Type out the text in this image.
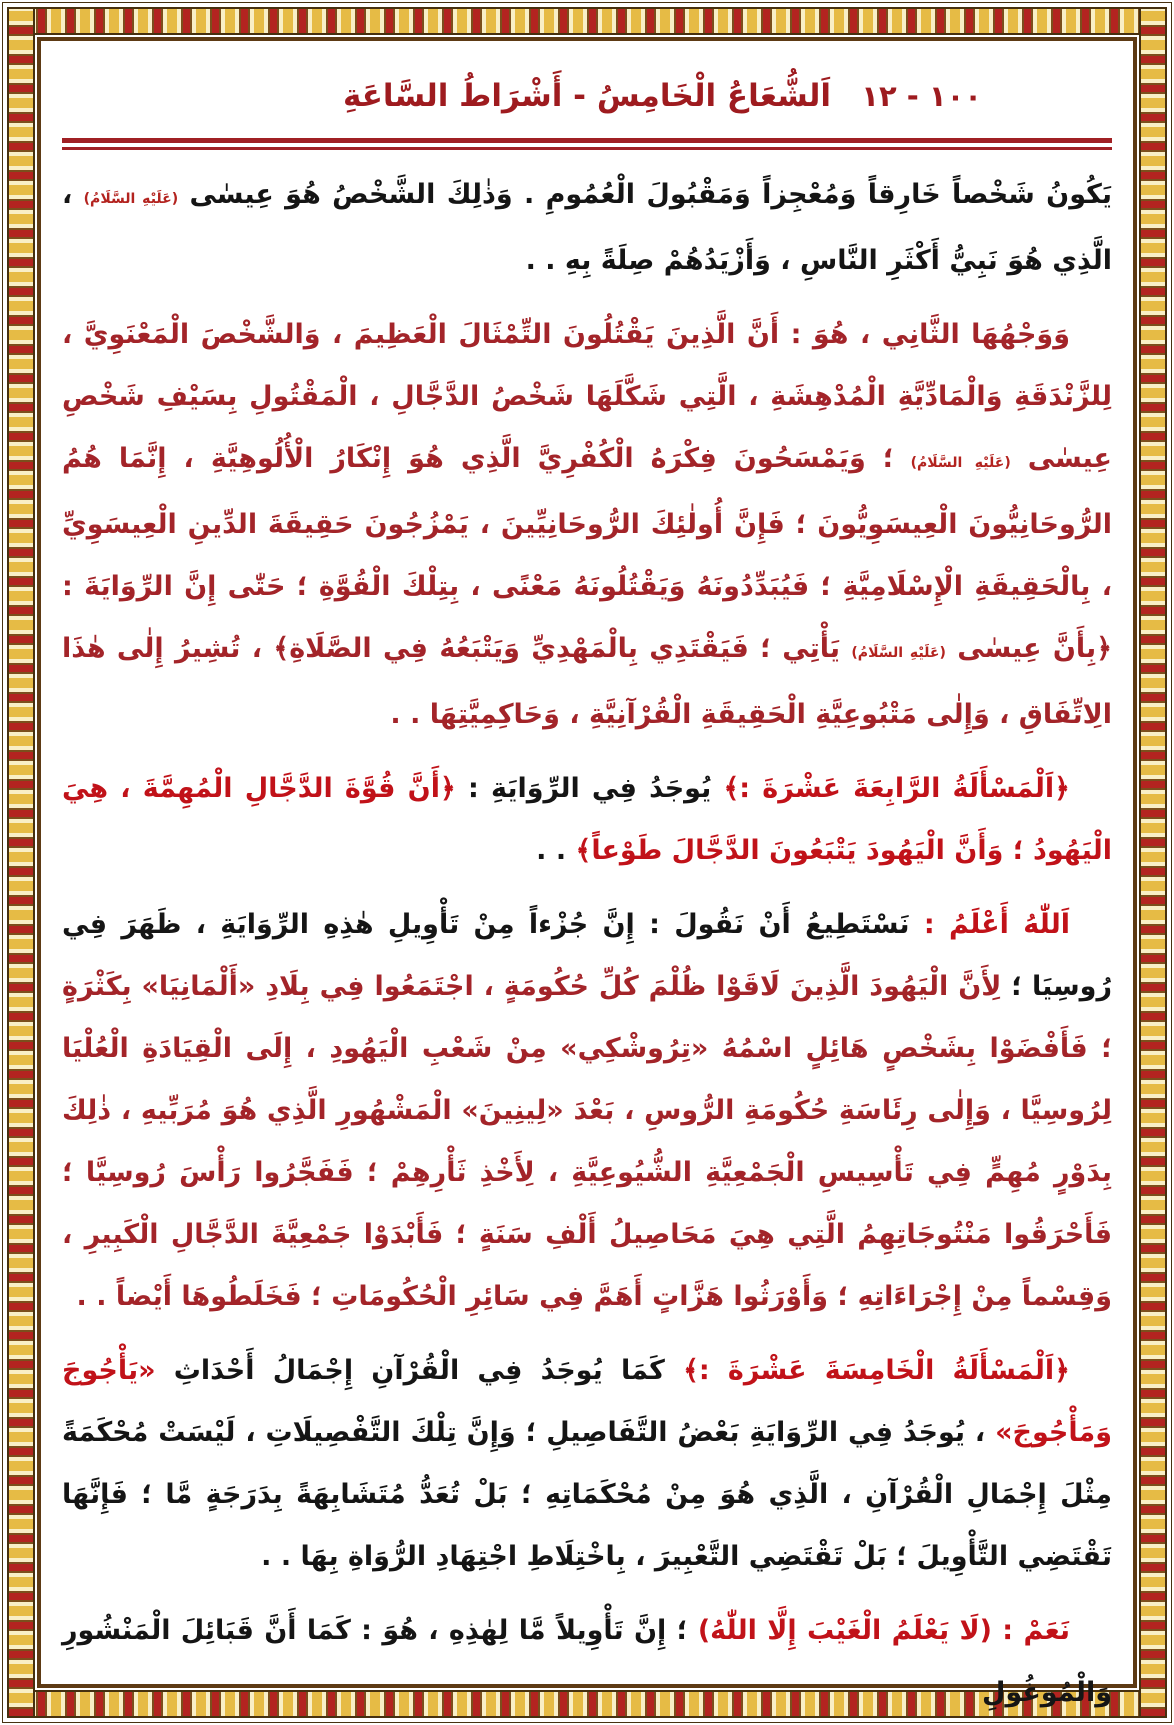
١٠٠ - ١٢
اَلشُّعَاعُ الْخَامِسُ - أَشْرَاطُ السَّاعَةِ

يَكُونُ شَخْصاً خَارِقاً وَمُعْجِزاً وَمَقْبُولَ الْعُمُومِ . وَذٰلِكَ الشَّخْصُ هُوَ عِيسٰى (عَلَيْهِ السَّلَامُ) ، الَّذِي هُوَ نَبِيُّ أَكْثَرِ النَّاسِ ، وَأَزْيَدُهُمْ صِلَةً بِهِ . .

وَوَجْهُهَا الثَّانِي ، هُوَ : أَنَّ الَّذِينَ يَقْتُلُونَ التِّمْثَالَ الْعَظِيمَ ، وَالشَّخْصَ الْمَعْنَوِيَّ ، لِلزَّنْدَقَةِ وَالْمَادِّيَّةِ الْمُدْهِشَةِ ، الَّتِي شَكَّلَهَا شَخْصُ الدَّجَّالِ ، الْمَقْتُولِ بِسَيْفِ شَخْصِ عِيسٰى (عَلَيْهِ السَّلَامُ) ؛ وَيَمْسَحُونَ فِكْرَهُ الْكُفْرِيَّ الَّذِي هُوَ إِنْكَارُ الْأُلُوهِيَّةِ ، إِنَّمَا هُمُ الرُّوحَانِيُّونَ الْعِيسَوِيُّونَ ؛ فَإِنَّ أُولٰئِكَ الرُّوحَانِيِّينَ ، يَمْزُجُونَ حَقِيقَةَ الدِّينِ الْعِيسَوِيِّ ، بِالْحَقِيقَةِ الْإِسْلَامِيَّةِ ؛ فَيُبَدِّدُونَهُ وَيَقْتُلُونَهُ مَعْنًى ، بِتِلْكَ الْقُوَّةِ ؛ حَتّٰى إِنَّ الرِّوَايَةَ : ﴿بِأَنَّ عِيسٰى (عَلَيْهِ السَّلَامُ) يَأْتِي ؛ فَيَقْتَدِي بِالْمَهْدِيِّ وَيَتْبَعُهُ فِي الصَّلَاةِ﴾ ، تُشِيرُ إِلٰى هٰذَا الِاتِّفَاقِ ، وَإِلٰى مَتْبُوعِيَّةِ الْحَقِيقَةِ الْقُرْآنِيَّةِ ، وَحَاكِمِيَّتِهَا . .

﴿اَلْمَسْأَلَةُ الرَّابِعَةَ عَشْرَةَ :﴾ يُوجَدُ فِي الرِّوَايَةِ : ﴿أَنَّ قُوَّةَ الدَّجَّالِ الْمُهِمَّةَ ، هِيَ الْيَهُودُ ؛ وَأَنَّ الْيَهُودَ يَتْبَعُونَ الدَّجَّالَ طَوْعاً﴾ . .

اَللّٰهُ أَعْلَمُ : نَسْتَطِيعُ أَنْ نَقُولَ : إِنَّ جُزْءاً مِنْ تَأْوِيلِ هٰذِهِ الرِّوَايَةِ ، ظَهَرَ فِي رُوسِيَا ؛ لِأَنَّ الْيَهُودَ الَّذِينَ لَاقَوْا ظُلْمَ كُلِّ حُكُومَةٍ ، اجْتَمَعُوا فِي بِلَادِ «أَلْمَانِيَا» بِكَثْرَةٍ ؛ فَأَفْضَوْا بِشَخْصٍ هَائِلٍ اسْمُهُ «تِرُوشْكِي» مِنْ شَعْبِ الْيَهُودِ ، إِلَى الْقِيَادَةِ الْعُلْيَا لِرُوسِيَّا ، وَإِلٰى رِئَاسَةِ حُكُومَةِ الرُّوسِ ، بَعْدَ «لِينِينَ» الْمَشْهُورِ الَّذِي هُوَ مُرَبِّيهِ ، ذٰلِكَ بِدَوْرٍ مُهِمٍّ فِي تَأْسِيسِ الْجَمْعِيَّةِ الشُّيُوعِيَّةِ ، لِأَخْذِ ثَأْرِهِمْ ؛ فَفَجَّرُوا رَأْسَ رُوسِيَّا ؛ فَأَحْرَقُوا مَنْتُوجَاتِهِمُ الَّتِي هِيَ مَحَاصِيلُ أَلْفِ سَنَةٍ ؛ فَأَبْدَوْا جَمْعِيَّةَ الدَّجَّالِ الْكَبِيرِ ، وَقِسْماً مِنْ إِجْرَاءَاتِهِ ؛ وَأَوْرَثُوا هَزَّاتٍ أَهَمَّ فِي سَائِرِ الْحُكُومَاتِ ؛ فَخَلَطُوهَا أَيْضاً . .

﴿اَلْمَسْأَلَةُ الْخَامِسَةَ عَشْرَةَ :﴾ كَمَا يُوجَدُ فِي الْقُرْآنِ إِجْمَالُ أَحْدَاثِ «يَأْجُوجَ وَمَأْجُوجَ» ، يُوجَدُ فِي الرِّوَايَةِ بَعْضُ التَّفَاصِيلِ ؛ وَإِنَّ تِلْكَ التَّفْصِيلَاتِ ، لَيْسَتْ مُحْكَمَةً مِثْلَ إِجْمَالِ الْقُرْآنِ ، الَّذِي هُوَ مِنْ مُحْكَمَاتِهِ ؛ بَلْ تُعَدُّ مُتَشَابِهَةً بِدَرَجَةٍ مَّا ؛ فَإِنَّهَا تَقْتَضِي التَّأْوِيلَ ؛ بَلْ تَقْتَضِي التَّعْبِيرَ ، بِاخْتِلَاطِ اجْتِهَادِ الرُّوَاةِ بِهَا . .

نَعَمْ : (لَا يَعْلَمُ الْغَيْبَ إِلَّا اللّٰهُ) ؛ إِنَّ تَأْوِيلاً مَّا لِهٰذِهِ ، هُوَ : كَمَا أَنَّ قَبَائِلَ الْمَنْشُورِ وَالْمُوغُولِ
